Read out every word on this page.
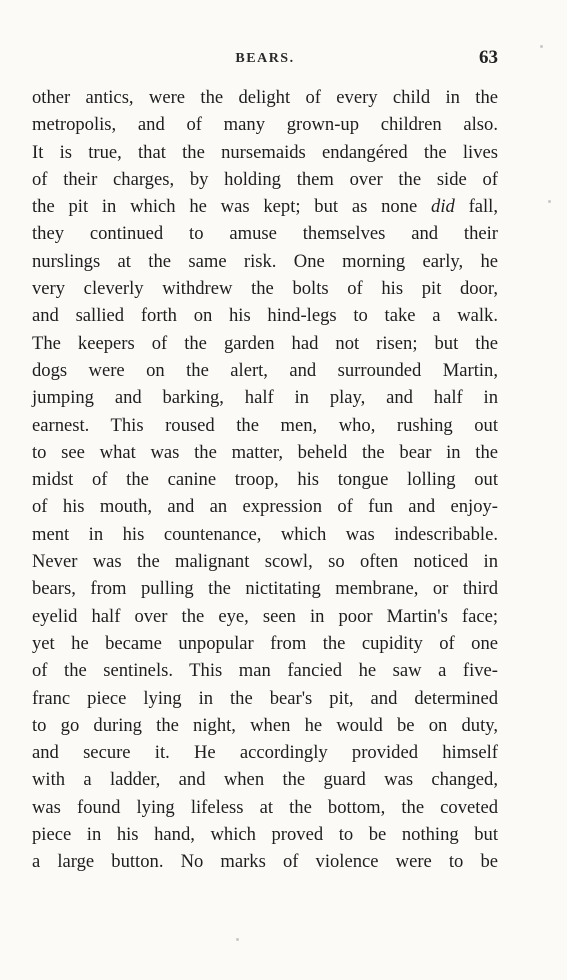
BEARS.	63
other antics, were the delight of every child in the
metropolis, and of many grown-up children also.
It is true, that the nursemaids endangéred the lives
of their charges, by holding them over the side of
the pit in which he was kept; but as none did fall,
they continued to amuse themselves and their
nurslings at the same risk. One morning early, he
very cleverly withdrew the bolts of his pit door,
and sallied forth on his hind-legs to take a walk.
The keepers of the garden had not risen; but the
dogs were on the alert, and surrounded Martin,
jumping and barking, half in play, and half in
earnest. This roused the men, who, rushing out
to see what was the matter, beheld the bear in the
midst of the canine troop, his tongue lolling out
of his mouth, and an expression of fun and enjoy-
ment in his countenance, which was indescribable.
Never was the malignant scowl, so often noticed in
bears, from pulling the nictitating membrane, or third
eyelid half over the eye, seen in poor Martin's face;
yet he became unpopular from the cupidity of one
of the sentinels. This man fancied he saw a five-
franc piece lying in the bear's pit, and determined
to go during the night, when he would be on duty,
and secure it. He accordingly provided himself
with a ladder, and when the guard was changed,
was found lying lifeless at the bottom, the coveted
piece in his hand, which proved to be nothing but
a large button. No marks of violence were to be
